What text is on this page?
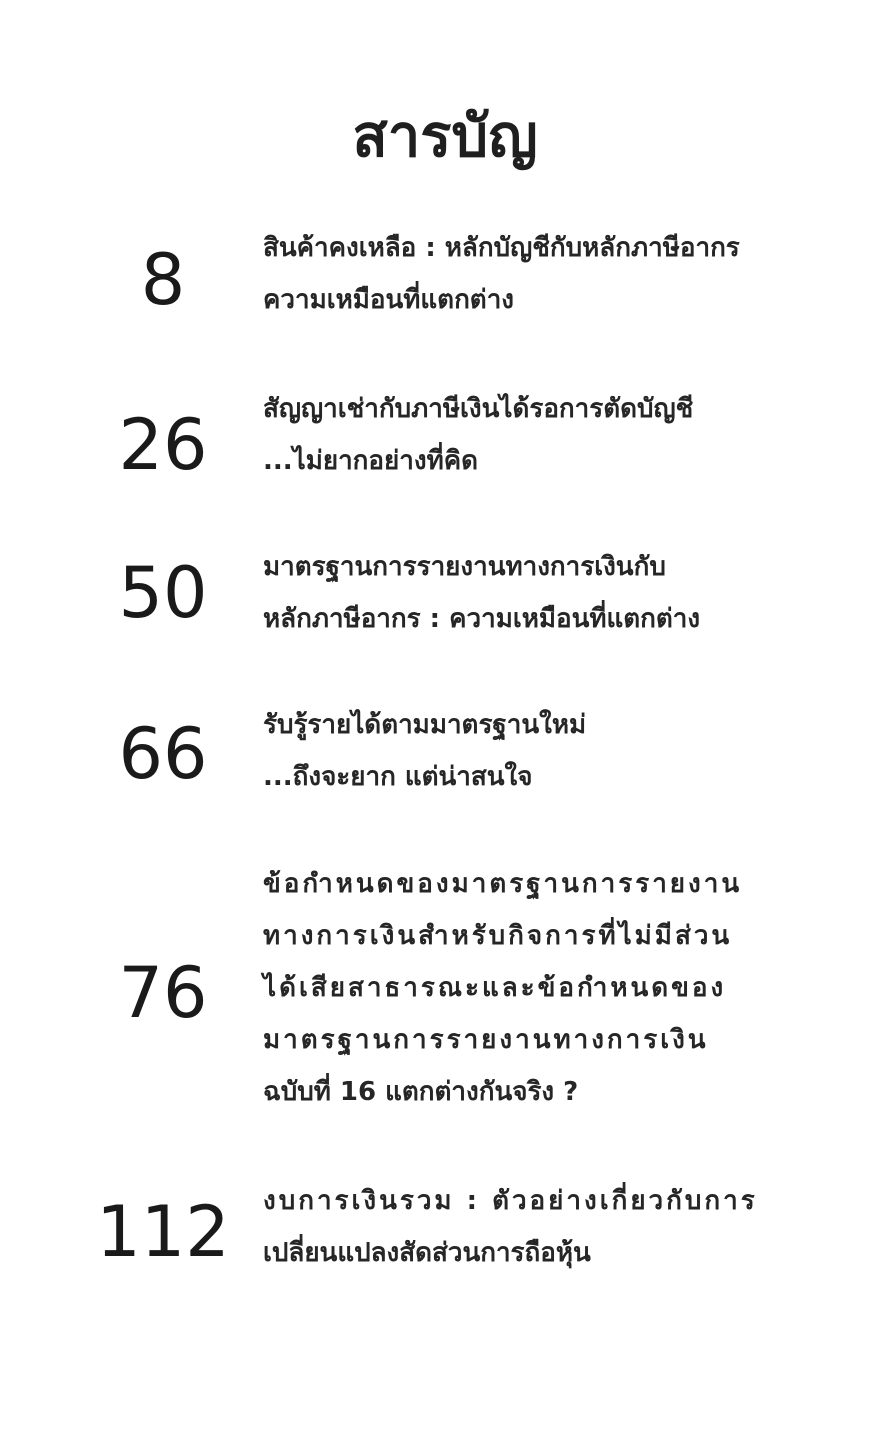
สารบัญ
8	สินค้าคงเหลือ : หลักบัญชีกับหลักภาษีอากร
ความเหมือนที่แตกต่าง
26	สัญญาเช่ากับภาษีเงินได้รอการตัดบัญชี
...ไม่ยากอย่างที่คิด
50	มาตรฐานการรายงานทางการเงินกับ
หลักภาษีอากร : ความเหมือนที่แตกต่าง
66	รับรู้รายได้ตามมาตรฐานใหม่
...ถึงจะยาก แต่น่าสนใจ
76
ข้อกำหนดของมาตรฐานการรายงาน
ทางการเงินสำหรับกิจการที่ไม่มีส่วน
ได้เสียสาธารณะและข้อกำหนดของ
มาตรฐานการรายงานทางการเงิน
ฉบับที่ 16 แตกต่างกันจริง ?
112	งบการเงินรวม : ตัวอย่างเกี่ยวกับการ
เปลี่ยนแปลงสัดส่วนการถือหุ้น
